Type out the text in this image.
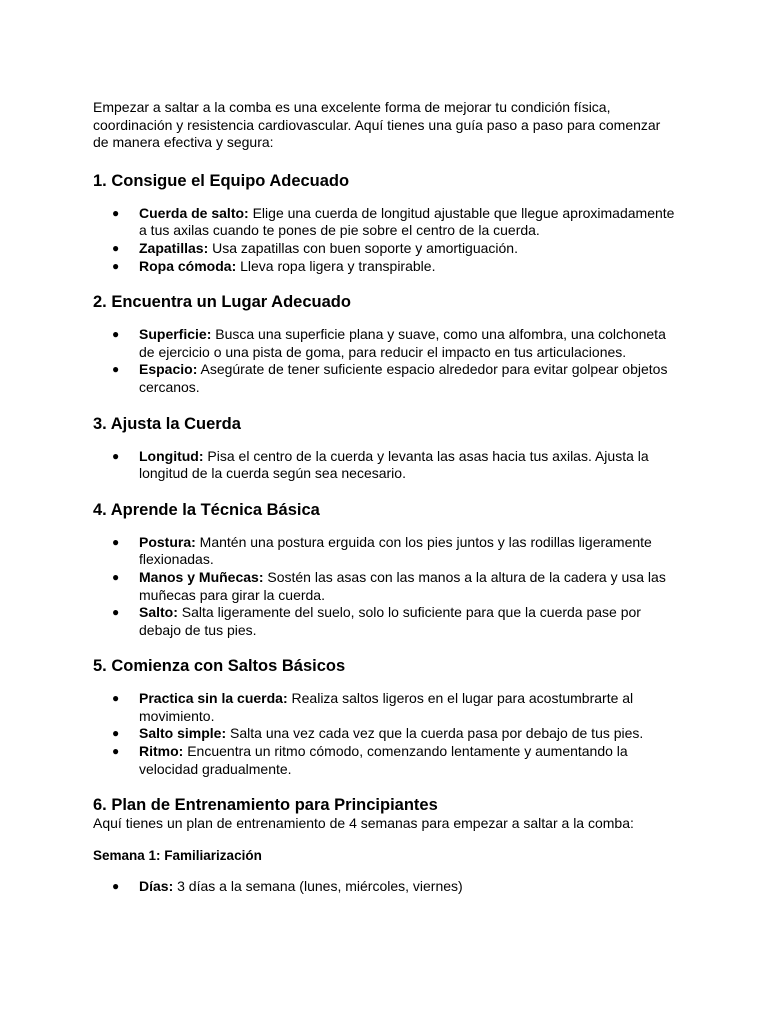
Empezar a saltar a la comba es una excelente forma de mejorar tu condición física, coordinación y resistencia cardiovascular. Aquí tienes una guía paso a paso para comenzar de manera efectiva y segura:

1. Consigue el Equipo Adecuado
● Cuerda de salto: Elige una cuerda de longitud ajustable que llegue aproximadamente a tus axilas cuando te pones de pie sobre el centro de la cuerda.
● Zapatillas: Usa zapatillas con buen soporte y amortiguación.
● Ropa cómoda: Lleva ropa ligera y transpirable.
2. Encuentra un Lugar Adecuado
● Superficie: Busca una superficie plana y suave, como una alfombra, una colchoneta de ejercicio o una pista de goma, para reducir el impacto en tus articulaciones.
● Espacio: Asegúrate de tener suficiente espacio alrededor para evitar golpear objetos cercanos.
3. Ajusta la Cuerda
● Longitud: Pisa el centro de la cuerda y levanta las asas hacia tus axilas. Ajusta la longitud de la cuerda según sea necesario.
4. Aprende la Técnica Básica
● Postura: Mantén una postura erguida con los pies juntos y las rodillas ligeramente flexionadas.
● Manos y Muñecas: Sostén las asas con las manos a la altura de la cadera y usa las muñecas para girar la cuerda.
● Salto: Salta ligeramente del suelo, solo lo suficiente para que la cuerda pase por debajo de tus pies.
5. Comienza con Saltos Básicos
● Practica sin la cuerda: Realiza saltos ligeros en el lugar para acostumbrarte al movimiento.
● Salto simple: Salta una vez cada vez que la cuerda pasa por debajo de tus pies.
● Ritmo: Encuentra un ritmo cómodo, comenzando lentamente y aumentando la velocidad gradualmente.
6. Plan de Entrenamiento para Principiantes

Aquí tienes un plan de entrenamiento de 4 semanas para empezar a saltar a la comba:

Semana 1: Familiarización
● Días: 3 días a la semana (lunes, miércoles, viernes)
